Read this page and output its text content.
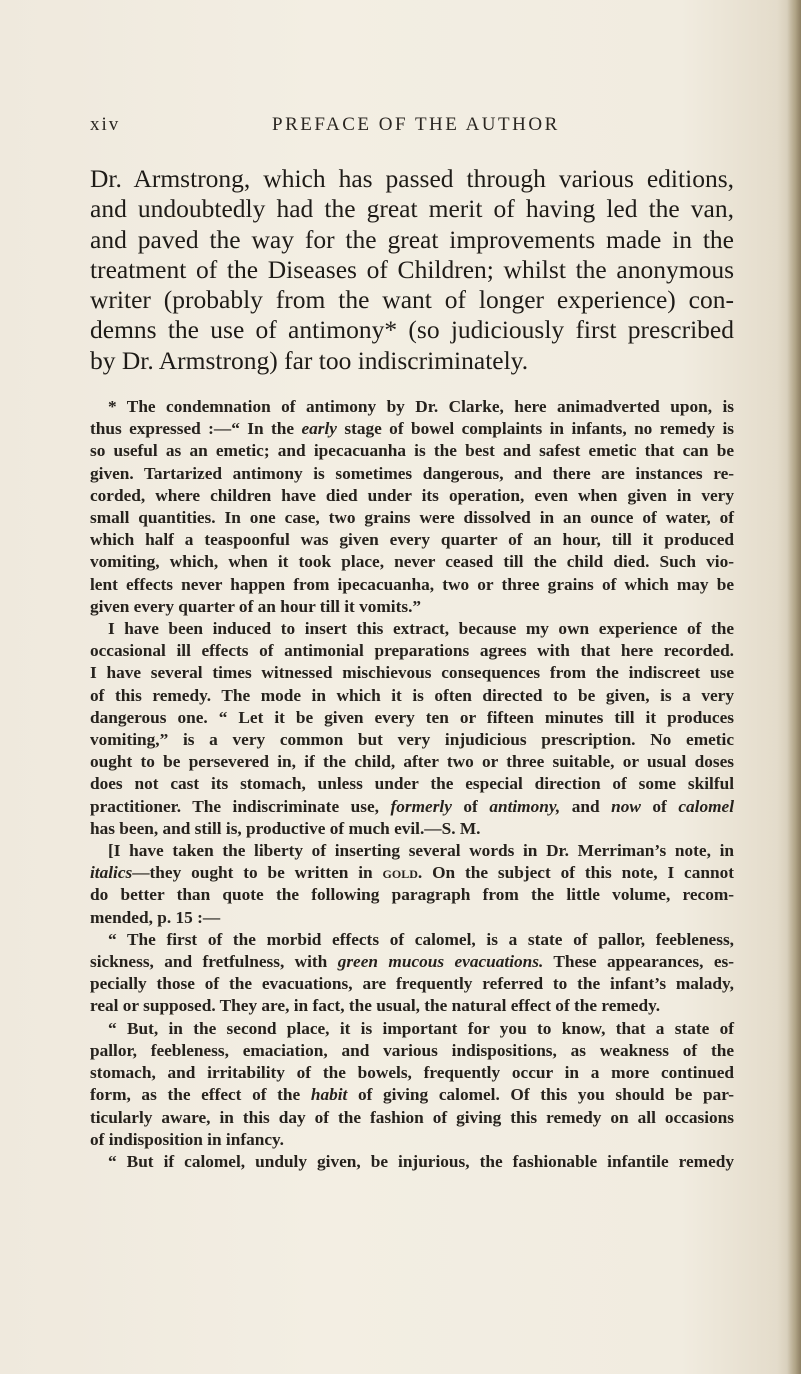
xiv	PREFACE OF THE AUTHOR
Dr. Armstrong, which has passed through various editions,
and undoubtedly had the great merit of having led the van,
and paved the way for the great improvements made in the
treatment of the Diseases of Children; whilst the anonymous
writer (probably from the want of longer experience) con-
demns the use of antimony* (so judiciously first prescribed
by Dr. Armstrong) far too indiscriminately.
* The condemnation of antimony by Dr. Clarke, here animadverted upon, is
thus expressed :—“ In the early stage of bowel complaints in infants, no remedy is
so useful as an emetic; and ipecacuanha is the best and safest emetic that can be
given. Tartarized antimony is sometimes dangerous, and there are instances re-
corded, where children have died under its operation, even when given in very
small quantities. In one case, two grains were dissolved in an ounce of water, of
which half a teaspoonful was given every quarter of an hour, till it produced
vomiting, which, when it took place, never ceased till the child died. Such vio-
lent effects never happen from ipecacuanha, two or three grains of which may be
given every quarter of an hour till it vomits.”
I have been induced to insert this extract, because my own experience of the
occasional ill effects of antimonial preparations agrees with that here recorded.
I have several times witnessed mischievous consequences from the indiscreet use
of this remedy. The mode in which it is often directed to be given, is a very
dangerous one. “ Let it be given every ten or fifteen minutes till it produces
vomiting,” is a very common but very injudicious prescription. No emetic
ought to be persevered in, if the child, after two or three suitable, or usual doses
does not cast its stomach, unless under the especial direction of some skilful
practitioner. The indiscriminate use, formerly of antimony, and now of calomel
has been, and still is, productive of much evil.—S. M.
[I have taken the liberty of inserting several words in Dr. Merriman’s note, in
italics—they ought to be written in gold. On the subject of this note, I cannot
do better than quote the following paragraph from the little volume, recom-
mended, p. 15 :—
“ The first of the morbid effects of calomel, is a state of pallor, feebleness,
sickness, and fretfulness, with green mucous evacuations. These appearances, es-
pecially those of the evacuations, are frequently referred to the infant’s malady,
real or supposed. They are, in fact, the usual, the natural effect of the remedy.
“ But, in the second place, it is important for you to know, that a state of
pallor, feebleness, emaciation, and various indispositions, as weakness of the
stomach, and irritability of the bowels, frequently occur in a more continued
form, as the effect of the habit of giving calomel. Of this you should be par-
ticularly aware, in this day of the fashion of giving this remedy on all occasions
of indisposition in infancy.
“ But if calomel, unduly given, be injurious, the fashionable infantile remedy
